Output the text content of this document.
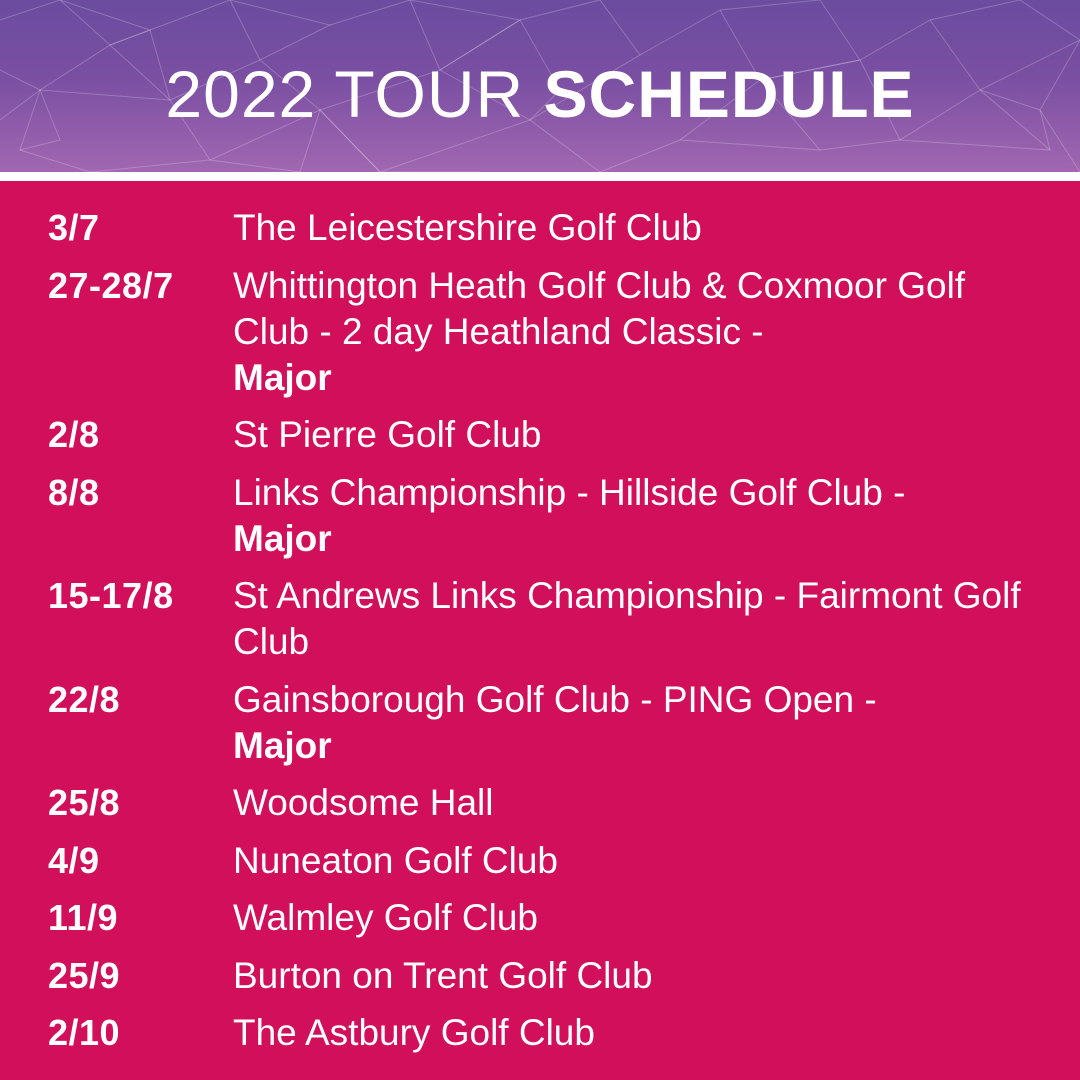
2022 TOUR SCHEDULE
3/7	The Leicestershire Golf Club
27-28/7	Whittington Heath Golf Club & Coxmoor Golf Club - 2 day Heathland Classic -
Major
2/8	St Pierre Golf Club
8/8	Links Championship - Hillside Golf Club -
Major
15-17/8	St Andrews Links Championship - Fairmont Golf Club
22/8	Gainsborough Golf Club - PING Open -
Major
25/8	Woodsome Hall
4/9	Nuneaton Golf Club
11/9	Walmley Golf Club
25/9	Burton on Trent Golf Club
2/10	The Astbury Golf Club
